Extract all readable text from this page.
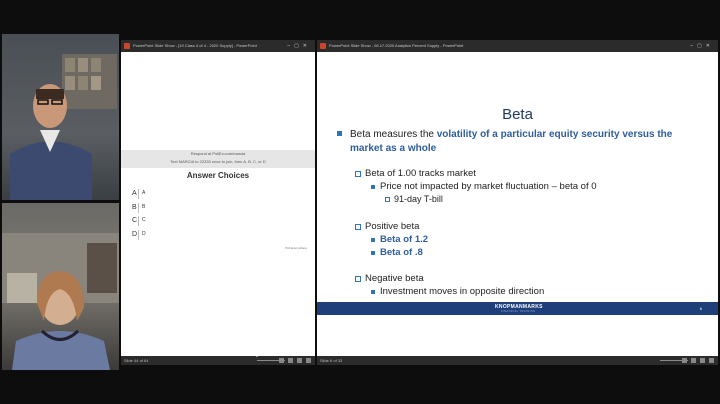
PowerPoint Slide Show - [19 Class 4 of 4 - 2020 Supply] - PowerPoint	–▢✕
Respond at PollEv.com/marcia
Text MARCIA to 22333 once to join, then A, B, C, or D
Answer Choices
A A
B B
C C
D D
Poll Everywhere
Slide 44 of 64
PowerPoint Slide Show - 06.17.2020 Analytics Percent Supply - PowerPoint	–▢✕
Beta
Beta measures the volatility of a particular equity security versus the market as a whole
Beta of 1.00 tracks market
Price not impacted by market fluctuation – beta of 0
91-day T-bill
Positive beta
Beta of 1.2
Beta of .8
Negative beta
Investment moves in opposite direction
KNOPMANMARKS
FINANCIAL TRAINING
6
Slide 6 of 33
